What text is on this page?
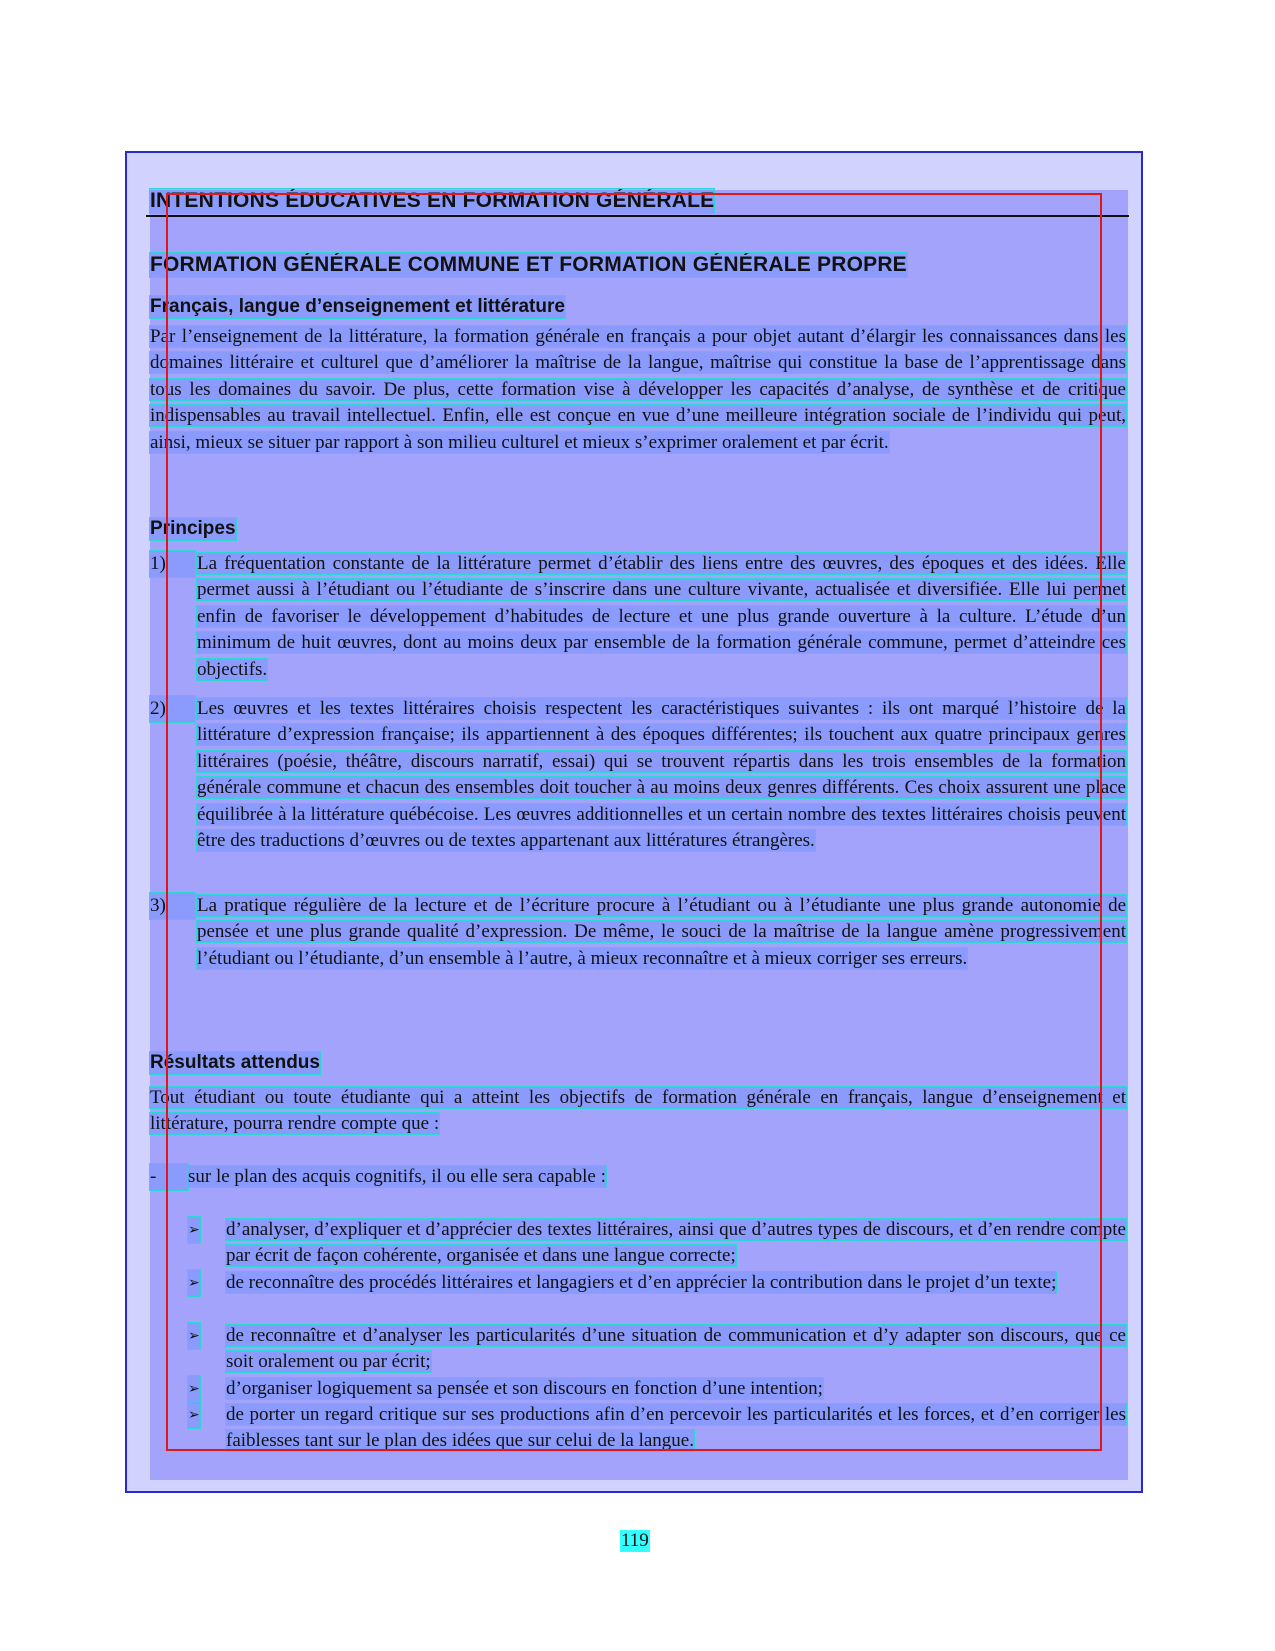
INTENTIONS ÉDUCATIVES EN FORMATION GÉNÉRALE
FORMATION GÉNÉRALE COMMUNE ET FORMATION GÉNÉRALE PROPRE
Français, langue d’enseignement et littérature
Par l’enseignement de la littérature, la formation générale en français a pour objet autant d’élargir les connaissances dans les domaines littéraire et culturel que d’améliorer la maîtrise de la langue, maîtrise qui constitue la base de l’apprentissage dans tous les domaines du savoir. De plus, cette formation vise à développer les capacités d’analyse, de synthèse et de critique indispensables au travail intellectuel. Enfin, elle est conçue en vue d’une meilleure intégration sociale de l’individu qui peut, ainsi, mieux se situer par rapport à son milieu culturel et mieux s’exprimer oralement et par écrit.
Principes
1)	La fréquentation constante de la littérature permet d’établir des liens entre des œuvres, des époques et des idées. Elle permet aussi à l’étudiant ou l’étudiante de s’inscrire dans une culture vivante, actualisée et diversifiée. Elle lui permet enfin de favoriser le développement d’habitudes de lecture et une plus grande ouverture à la culture. L’étude d’un minimum de huit œuvres, dont au moins deux par ensemble de la formation générale commune, permet d’atteindre ces objectifs.
2)	Les œuvres et les textes littéraires choisis respectent les caractéristiques suivantes : ils ont marqué l’histoire de la littérature d’expression française; ils appartiennent à des époques différentes; ils touchent aux quatre principaux genres littéraires (poésie, théâtre, discours narratif, essai) qui se trouvent répartis dans les trois ensembles de la formation générale commune et chacun des ensembles doit toucher à au moins deux genres différents. Ces choix assurent une place équilibrée à la littérature québécoise. Les œuvres additionnelles et un certain nombre des textes littéraires choisis peuvent être des traductions d’œuvres ou de textes appartenant aux littératures étrangères.
3)	La pratique régulière de la lecture et de l’écriture procure à l’étudiant ou à l’étudiante une plus grande autonomie de pensée et une plus grande qualité d’expression. De même, le souci de la maîtrise de la langue amène progressivement l’étudiant ou l’étudiante, d’un ensemble à l’autre, à mieux reconnaître et à mieux corriger ses erreurs.
Résultats attendus
Tout étudiant ou toute étudiante qui a atteint les objectifs de formation générale en français, langue d’enseignement et littérature, pourra rendre compte que :
- sur le plan des acquis cognitifs, il ou elle sera capable :
➢ d’analyser, d’expliquer et d’apprécier des textes littéraires, ainsi que d’autres types de discours, et d’en rendre compte par écrit de façon cohérente, organisée et dans une langue correcte;
➢ de reconnaître des procédés littéraires et langagiers et d’en apprécier la contribution dans le projet d’un texte;
➢ de reconnaître et d’analyser les particularités d’une situation de communication et d’y adapter son discours, que ce soit oralement ou par écrit;
➢ d’organiser logiquement sa pensée et son discours en fonction d’une intention;
➢ de porter un regard critique sur ses productions afin d’en percevoir les particularités et les forces, et d’en corriger les faiblesses tant sur le plan des idées que sur celui de la langue.
119
